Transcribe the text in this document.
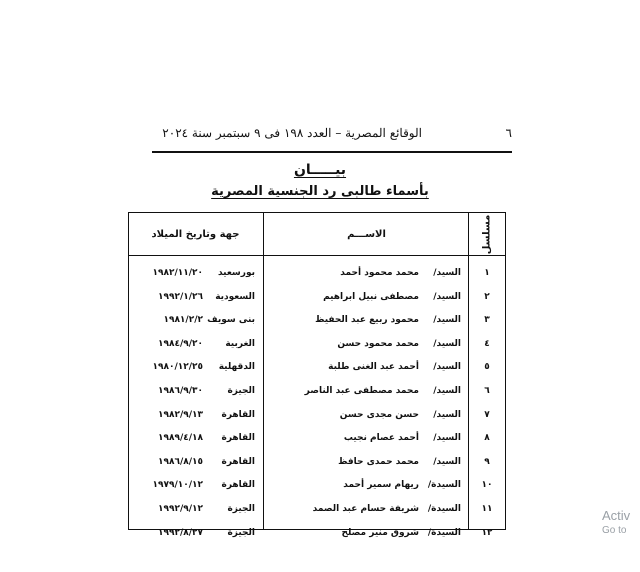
٦
الوقائع المصرية – العدد ١٩٨ فى ٩ سبتمبر سنة ٢٠٢٤
بيـــــان
بأسماء طالبى رد الجنسية المصرية
مسلسل
الاســـم
جهة وتاريخ الميلاد
١
السيد/
محمد محمود أحمد
بورسعيد
١٩٨٢/١١/٢٠
٢
السيد/
مصطفى نبيل ابراهيم
السعودية
١٩٩٢/١/٢٦
٣
السيد/
محمود ربيع عبد الحفيظ
بنى سويف
١٩٨١/٢/٢
٤
السيد/
محمد محمود حسن
الغربية
١٩٨٤/٩/٢٠
٥
السيد/
أحمد عبد الغنى طلبة
الدقهلية
١٩٨٠/١٢/٢٥
٦
السيد/
محمد مصطفى عبد الناصر
الجيزة
١٩٨٦/٩/٣٠
٧
السيد/
حسن مجدى حسن
القاهرة
١٩٨٢/٩/١٣
٨
السيد/
أحمد عصام نجيب
القاهرة
١٩٨٩/٤/١٨
٩
السيد/
محمد حمدى حافظ
القاهرة
١٩٨٦/٨/١٥
١٠
السيدة/
ريهام سمير أحمد
القاهرة
١٩٧٩/١٠/١٢
١١
السيدة/
شريفة حسام عبد الصمد
الجيزة
١٩٩٢/٩/١٢
١٢
السيدة/
شروق منير مصلح
الجيزة
١٩٩٢/٨/٢٧
Activ
Go to
